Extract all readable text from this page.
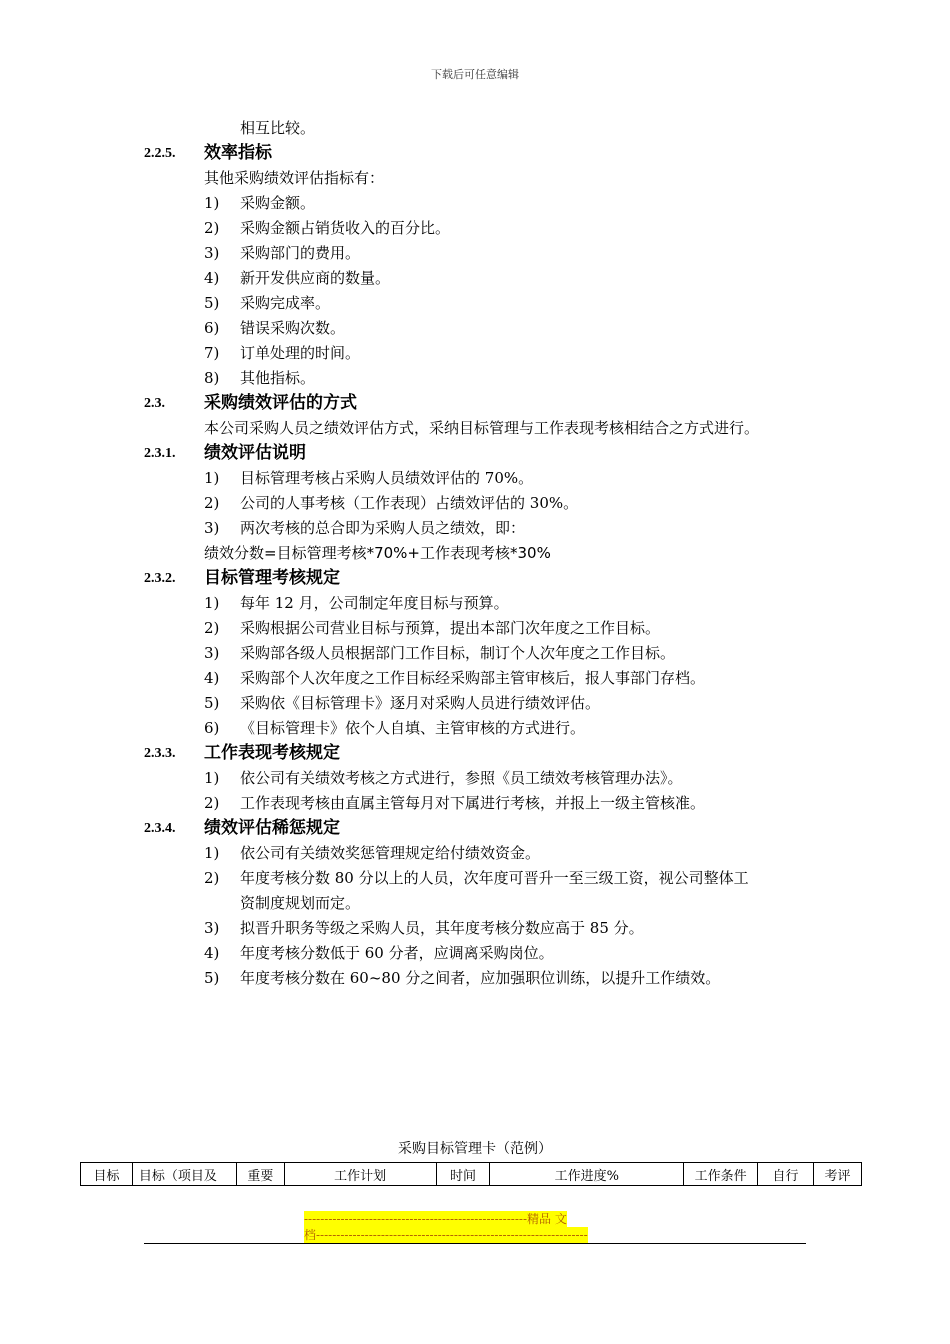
下载后可任意编辑
相互比较。
2.2.5. 效率指标
其他采购绩效评估指标有：
1) 采购金额。
2) 采购金额占销货收入的百分比。
3) 采购部门的费用。
4) 新开发供应商的数量。
5) 采购完成率。
6) 错误采购次数。
7) 订单处理的时间。
8) 其他指标。
2.3. 采购绩效评估的方式
本公司采购人员之绩效评估方式，采纳目标管理与工作表现考核相结合之方式进行。
2.3.1. 绩效评估说明
1) 目标管理考核占采购人员绩效评估的 70%。
2) 公司的人事考核（工作表现）占绩效评估的 30%。
3) 两次考核的总合即为采购人员之绩效，即：
绩效分数=目标管理考核*70%+工作表现考核*30%
2.3.2. 目标管理考核规定
1) 每年 12 月，公司制定年度目标与预算。
2) 采购根据公司营业目标与预算，提出本部门次年度之工作目标。
3) 采购部各级人员根据部门工作目标，制订个人次年度之工作目标。
4) 采购部个人次年度之工作目标经采购部主管审核后，报人事部门存档。
5) 采购依《目标管理卡》逐月对采购人员进行绩效评估。
6) 《目标管理卡》依个人自填、主管审核的方式进行。
2.3.3. 工作表现考核规定
1) 依公司有关绩效考核之方式进行，参照《员工绩效考核管理办法》。
2) 工作表现考核由直属主管每月对下属进行考核，并报上一级主管核准。
2.3.4. 绩效评估稀惩规定
1) 依公司有关绩效奖惩管理规定给付绩效资金。
2) 年度考核分数 80 分以上的人员，次年度可晋升一至三级工资，视公司整体工
资制度规划而定。
3) 拟晋升职务等级之采购人员，其年度考核分数应高于 85 分。
4) 年度考核分数低于 60 分者，应调离采购岗位。
5) 年度考核分数在 60~80 分之间者，应加强职位训练，以提升工作绩效。
采购目标管理卡（范例）
目标	目标（项目及	重要	工作计划	时间	工作进度%	工作条件	自行	考评
-------------------------------------------------------精品 文
档-------------------------------------------------------------------
